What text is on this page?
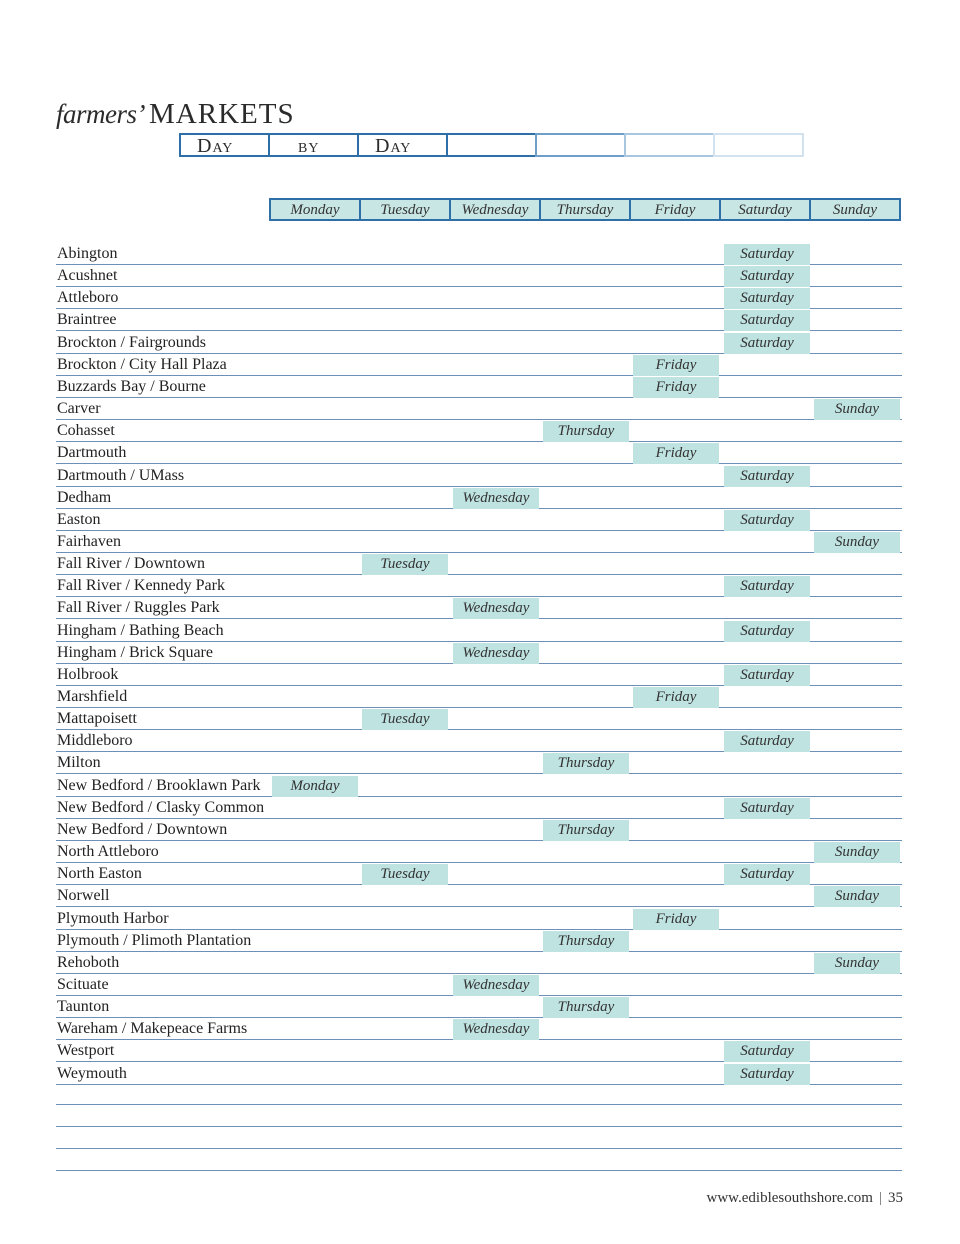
farmers’ MARKETS
Day	by	Day
Monday	Tuesday	Wednesday	Thursday	Friday	Saturday	Sunday
Abington	Saturday
Acushnet	Saturday
Attleboro	Saturday
Braintree	Saturday
Brockton / Fairgrounds	Saturday
Brockton / City Hall Plaza	Friday
Buzzards Bay / Bourne	Friday
Carver	Sunday
Cohasset	Thursday
Dartmouth	Friday
Dartmouth / UMass	Saturday
Dedham	Wednesday
Easton	Saturday
Fairhaven	Sunday
Fall River / Downtown	Tuesday
Fall River / Kennedy Park	Saturday
Fall River / Ruggles Park	Wednesday
Hingham / Bathing Beach	Saturday
Hingham / Brick Square	Wednesday
Holbrook	Saturday
Marshfield	Friday
Mattapoisett	Tuesday
Middleboro	Saturday
Milton	Thursday
New Bedford / Brooklawn Park	Monday
New Bedford / Clasky Common	Saturday
New Bedford / Downtown	Thursday
North Attleboro	Sunday
North Easton	Tuesday	Saturday
Norwell	Sunday
Plymouth Harbor	Friday
Plymouth / Plimoth Plantation	Thursday
Rehoboth	Sunday
Scituate	Wednesday
Taunton	Thursday
Wareham / Makepeace Farms	Wednesday
Westport	Saturday
Weymouth	Saturday
www.ediblesouthshore.com | 35
